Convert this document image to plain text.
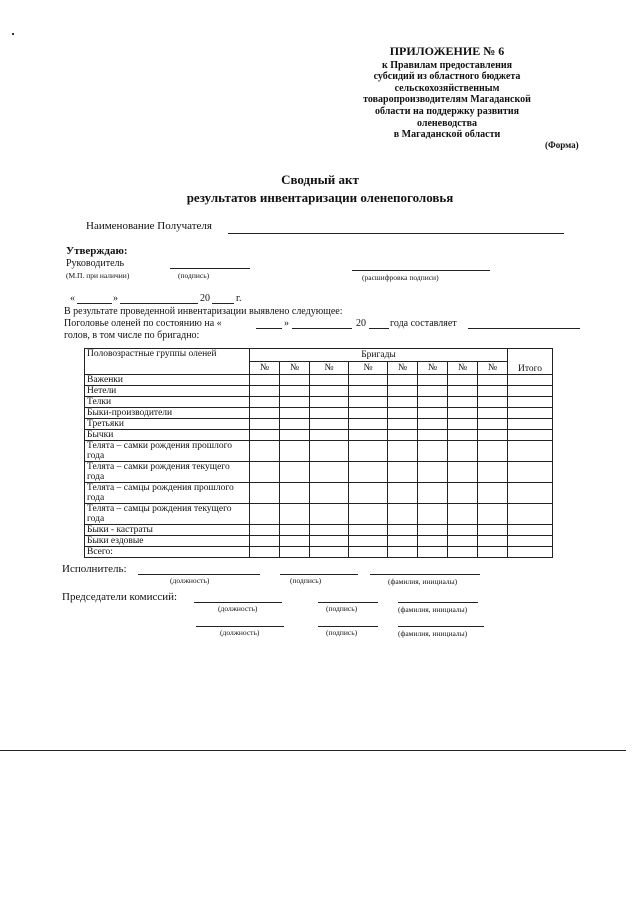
ПРИЛОЖЕНИЕ № 6
к Правилам предоставления
субсидий из областного бюджета
сельскохозяйственным
товаропроизводителям Магаданской
области на поддержку развития
оленеводства
в Магаданской области
(Форма)
Сводный акт
результатов инвентаризации оленепоголовья
Наименование Получателя
Утверждаю:
Руководитель
(М.П. при наличии)	(подпись)	(расшифровка подписи)
«	»	20	г.
В результате проведенной инвентаризации выявлено следующее:
Поголовье оленей по состоянию на «	»	20 года составляет
голов, в том числе по бригадно:
Половозрастные группы оленей	Бригады								Итого
	№	№	№	№	№	№	№	№	
Важенки									
Нетели									
Телки									
Быки-производители									
Третьяки									
Бычки									
Телята – самки рождения прошлого года									
Телята – самки рождения текущего года									
Телята – самцы рождения прошлого года									
Телята – самцы рождения текущего года									
Быки - кастраты									
Быки ездовые									
Всего:									
Исполнитель:
(должность)	(подпись)	(фамилия, инициалы)
Председатели комиссий:
(должность)	(подпись)	(фамилия, инициалы)
(должность)	(подпись)	(фамилия, инициалы)
